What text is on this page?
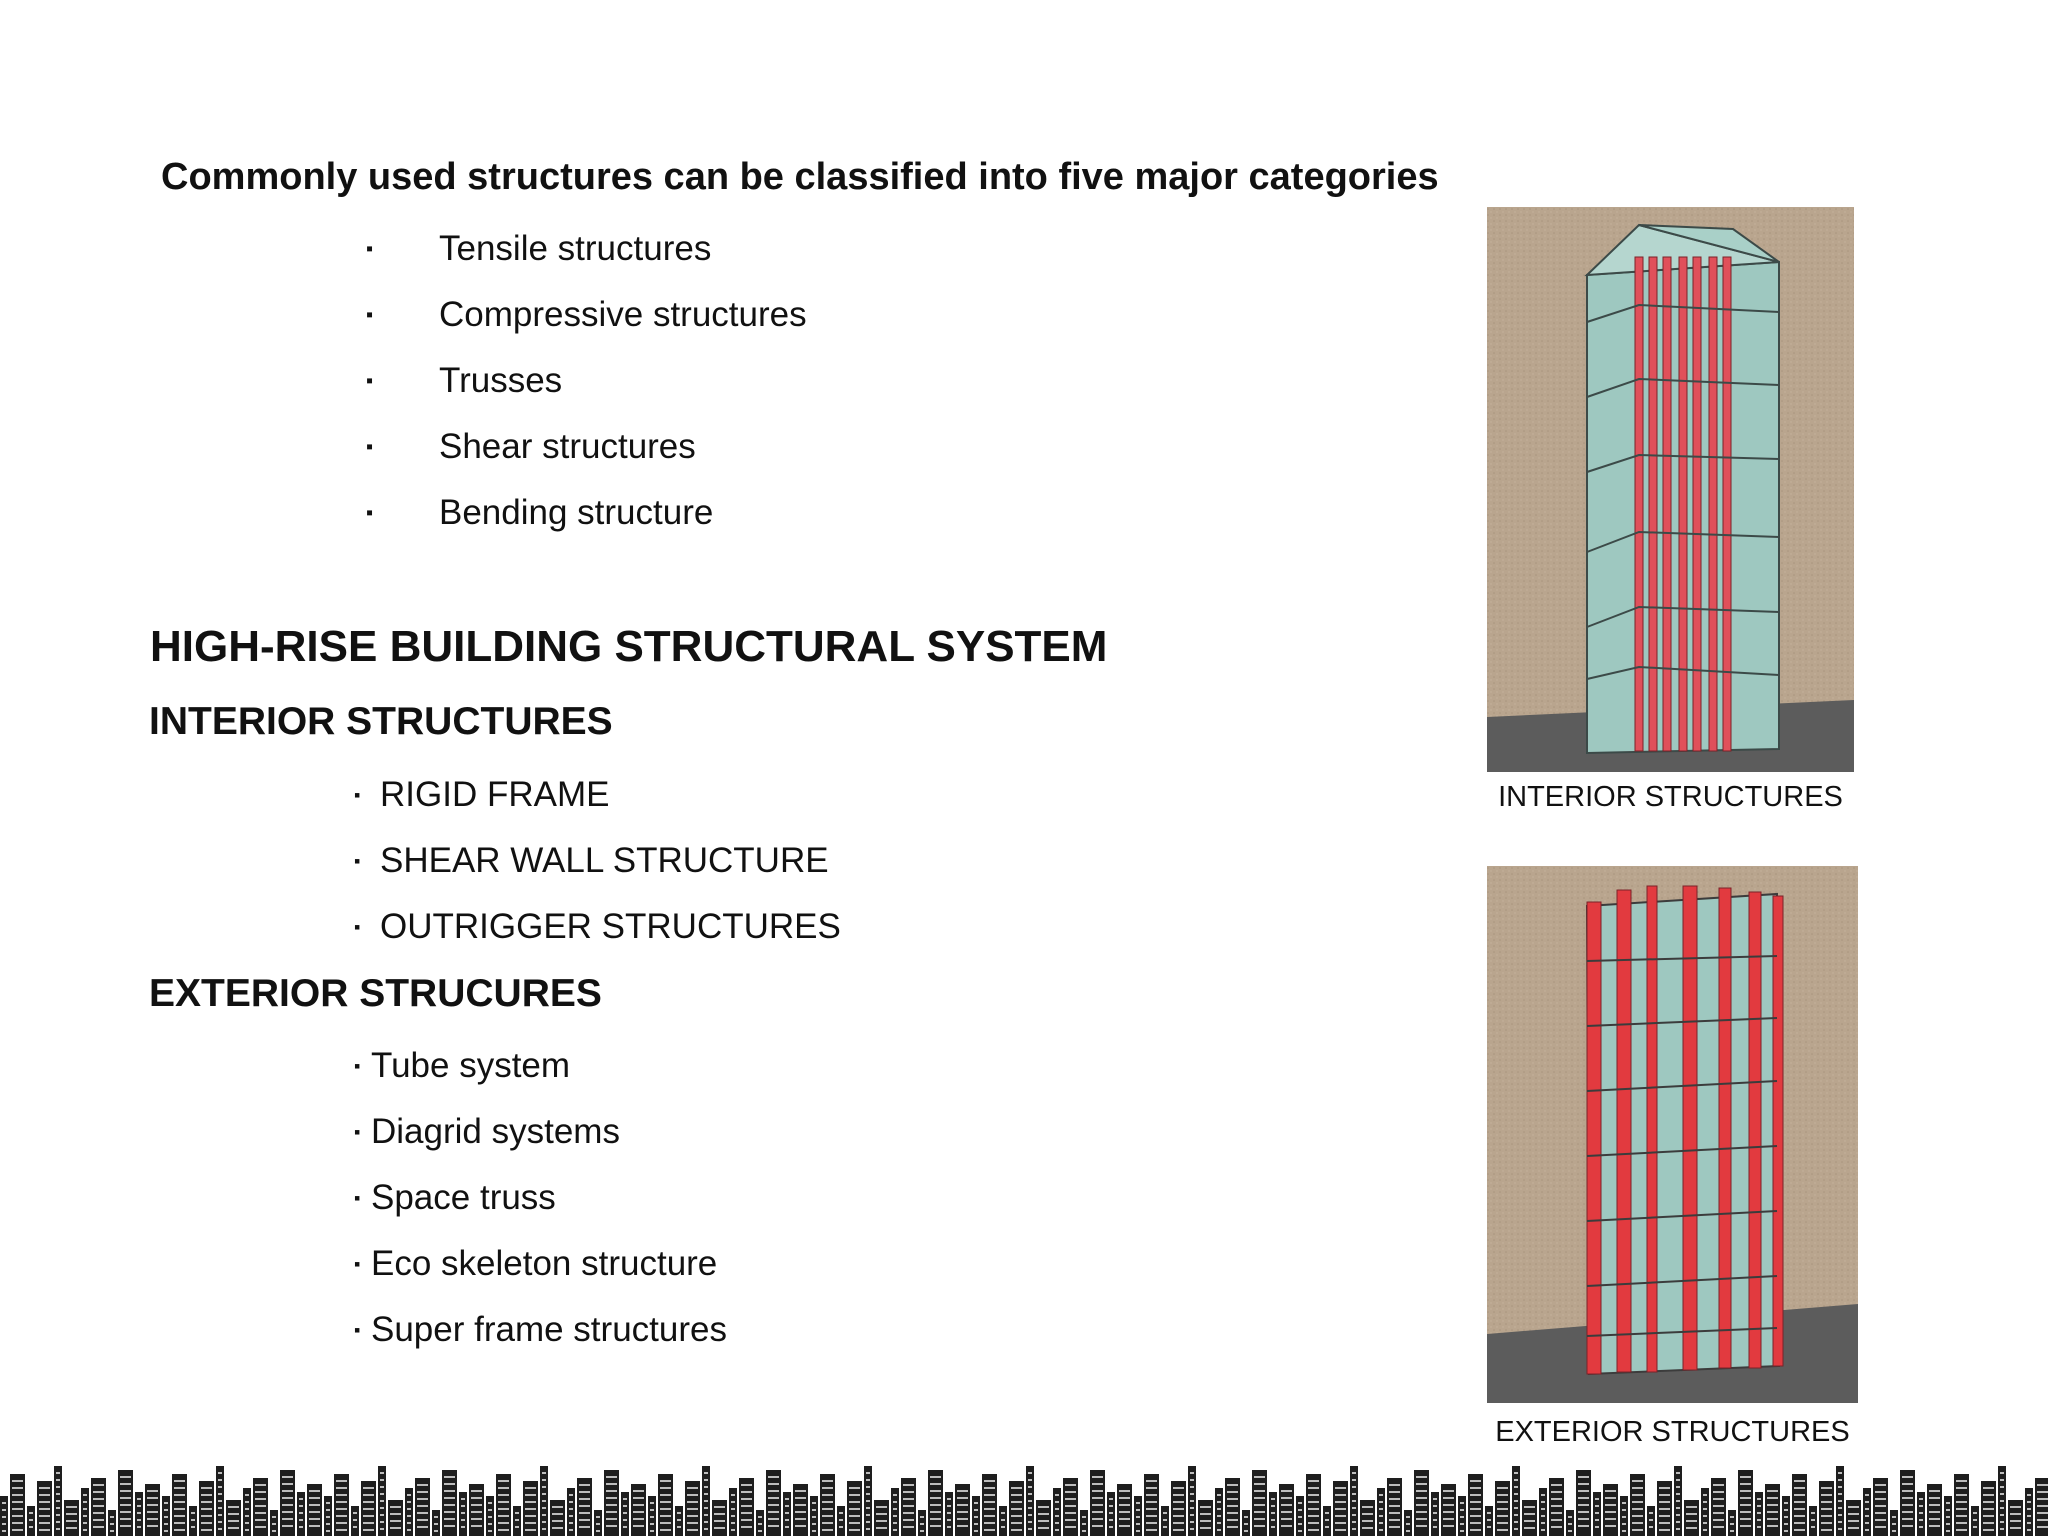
Commonly used structures can be classified into five major categories
▪	Tensile structures
▪	Compressive structures
▪	Trusses
▪	Shear structures
▪	Bending structure
HIGH-RISE BUILDING STRUCTURAL SYSTEM
INTERIOR STRUCTURES
▪ RIGID FRAME
▪ SHEAR WALL STRUCTURE
▪ OUTRIGGER STRUCTURES
EXTERIOR STRUCURES
▪ Tube system
▪ Diagrid systems
▪ Space truss
▪ Eco skeleton structure
▪ Super frame structures
INTERIOR STRUCTURES
EXTERIOR STRUCTURES
